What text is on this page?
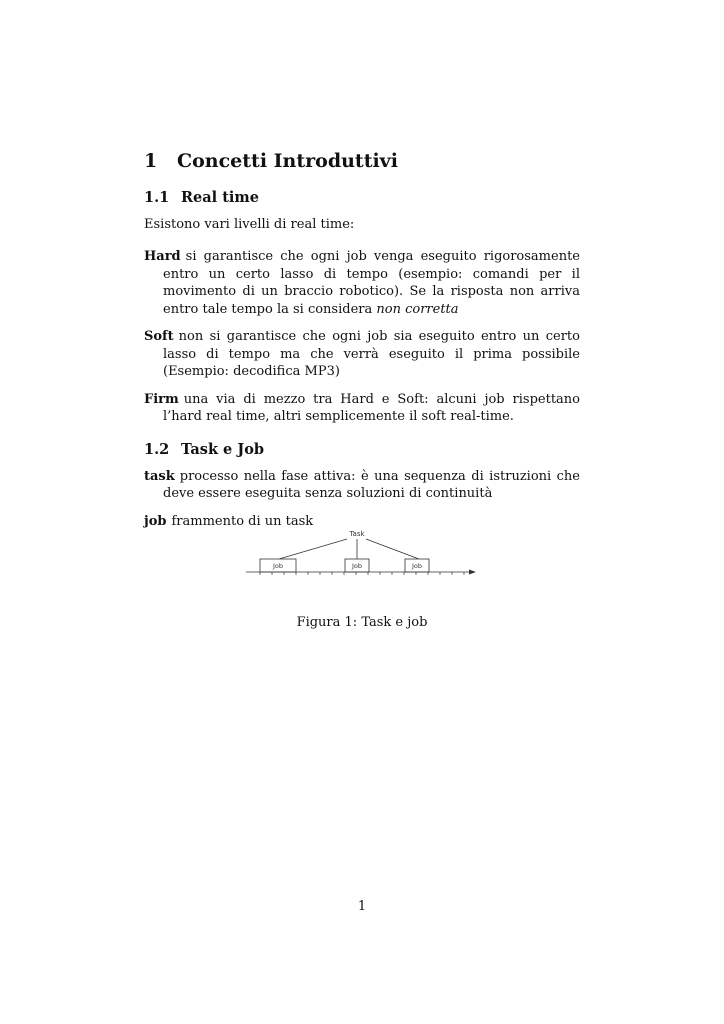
1 Concetti Introduttivi
1.1 Real time

Esistono vari livelli di real time:

Hard si garantisce che ogni job venga eseguito rigorosamente entro un certo lasso di tempo (esempio: comandi per il movimento di un braccio robotico). Se la risposta non arriva entro tale tempo la si considera non corretta
Soft non si garantisce che ogni job sia eseguito entro un certo lasso di tempo ma che verrà eseguito il prima possibile (Esempio: decodifica MP3)
Firm una via di mezzo tra Hard e Soft: alcuni job rispettano l’hard real time, altri semplicemente il soft real-time.
1.2 Task e Job
task processo nella fase attiva: è una sequenza di istruzioni che deve essere eseguita senza soluzioni di continuità
job frammento di un task
Task
Job	Job	Job
Figura 1: Task e job
1
